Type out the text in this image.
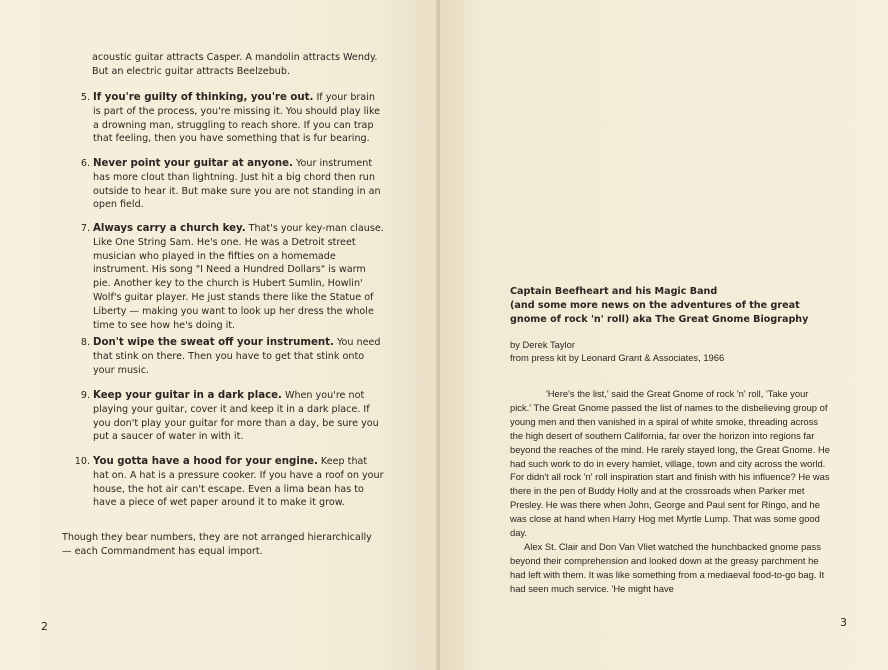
acoustic guitar attracts Casper. A mandolin attracts Wendy. But an electric guitar attracts Beelzebub.
5. If you're guilty of thinking, you're out. If your brain is part of the process, you're missing it. You should play like a drowning man, struggling to reach shore. If you can trap that feeling, then you have something that is fur bearing.
6. Never point your guitar at anyone. Your instrument has more clout than lightning. Just hit a big chord then run outside to hear it. But make sure you are not standing in an open field.
7. Always carry a church key. That's your key-man clause. Like One String Sam. He's one. He was a Detroit street musician who played in the fifties on a homemade instrument. His song "I Need a Hundred Dollars" is warm pie. Another key to the church is Hubert Sumlin, Howlin' Wolf's guitar player. He just stands there like the Statue of Liberty — making you want to look up her dress the whole time to see how he's doing it.
8. Don't wipe the sweat off your instrument. You need that stink on there. Then you have to get that stink onto your music.
9. Keep your guitar in a dark place. When you're not playing your guitar, cover it and keep it in a dark place. If you don't play your guitar for more than a day, be sure you put a saucer of water in with it.
10. You gotta have a hood for your engine. Keep that hat on. A hat is a pressure cooker. If you have a roof on your house, the hot air can't escape. Even a lima bean has to have a piece of wet paper around it to make it grow.
Though they bear numbers, they are not arranged hierarchically — each Commandment has equal import.
2
Captain Beefheart and his Magic Band
(and some more news on the adventures of the great gnome of rock 'n' roll) aka The Great Gnome Biography
by Derek Taylor
from press kit by Leonard Grant & Associates, 1966

'Here's the list,' said the Great Gnome of rock 'n' roll, 'Take your pick.' The Great Gnome passed the list of names to the disbelieving group of young men and then vanished in a spiral of white smoke, threading across the high desert of southern California, far over the horizon into regions far beyond the reaches of the mind. He rarely stayed long, the Great Gnome. He had such work to do in every hamlet, village, town and city across the world. For didn't all rock 'n' roll inspiration start and finish with his influence? He was there in the pen of Buddy Holly and at the crossroads when Parker met Presley. He was there when John, George and Paul sent for Ringo, and he was close at hand when Harry Hog met Myrtle Lump. That was some good day.

Alex St. Clair and Don Van Vliet watched the hunchbacked gnome pass beyond their comprehension and looked down at the greasy parchment he had left with them. It was like something from a mediaeval food-to-go bag. It had seen much service. 'He might have

3
